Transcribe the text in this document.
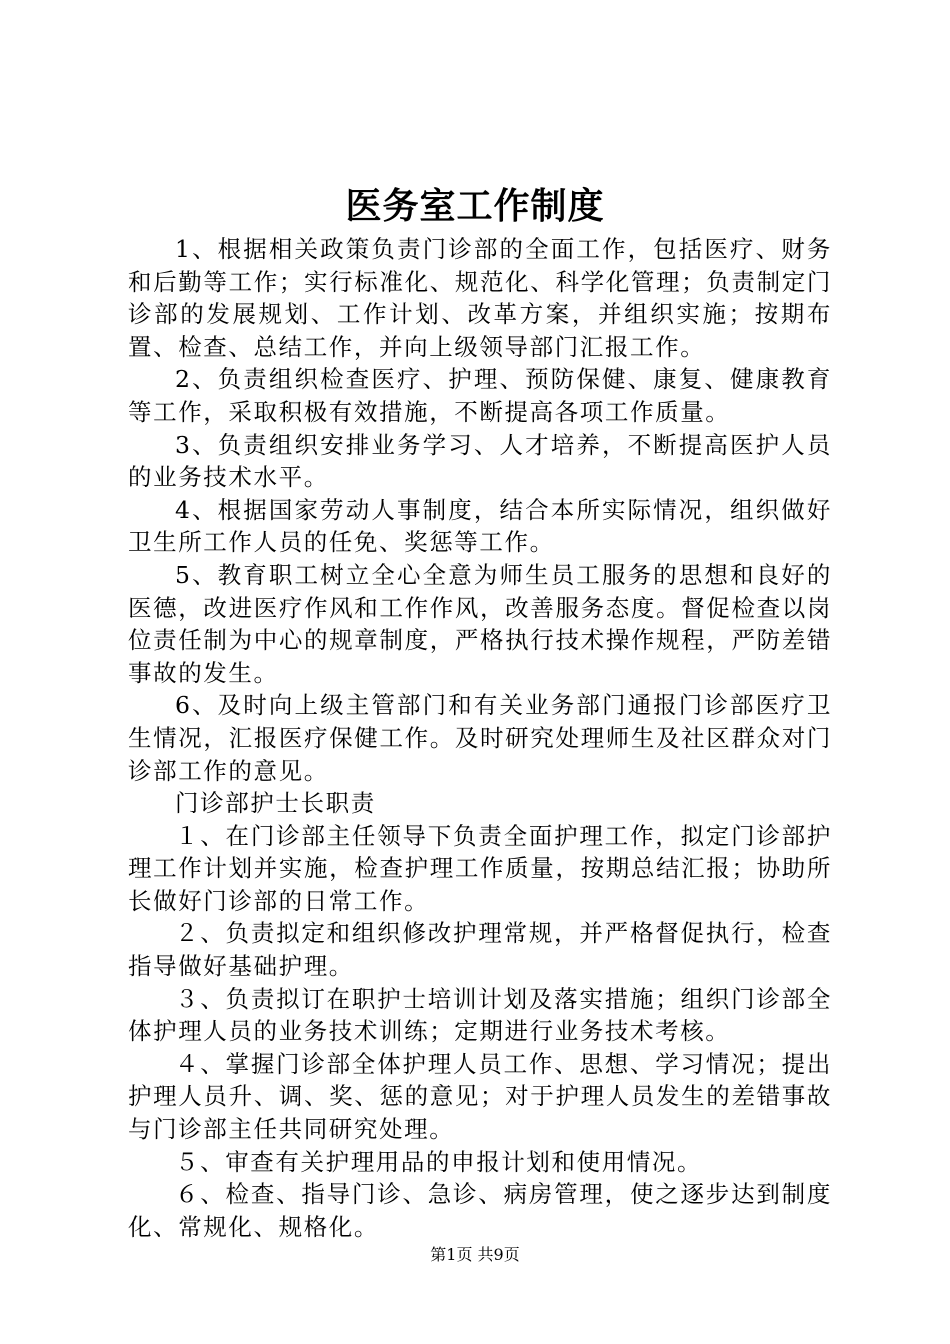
医务室工作制度

1、根据相关政策负责门诊部的全面工作，包括医疗、财务和后勤等工作；实行标准化、规范化、科学化管理；负责制定门诊部的发展规划、工作计划、改革方案，并组织实施；按期布置、检查、总结工作，并向上级领导部门汇报工作。

2、负责组织检查医疗、护理、预防保健、康复、健康教育等工作，采取积极有效措施，不断提高各项工作质量。

3、负责组织安排业务学习、人才培养，不断提高医护人员的业务技术水平。

4、根据国家劳动人事制度，结合本所实际情况，组织做好卫生所工作人员的任免、奖惩等工作。

5、教育职工树立全心全意为师生员工服务的思想和良好的医德，改进医疗作风和工作作风，改善服务态度。督促检查以岗位责任制为中心的规章制度，严格执行技术操作规程，严防差错事故的发生。

6、及时向上级主管部门和有关业务部门通报门诊部医疗卫生情况，汇报医疗保健工作。及时研究处理师生及社区群众对门诊部工作的意见。

门诊部护士长职责

１、在门诊部主任领导下负责全面护理工作，拟定门诊部护理工作计划并实施，检查护理工作质量，按期总结汇报；协助所长做好门诊部的日常工作。

２、负责拟定和组织修改护理常规，并严格督促执行，检查指导做好基础护理。

３、负责拟订在职护士培训计划及落实措施；组织门诊部全体护理人员的业务技术训练；定期进行业务技术考核。

４、掌握门诊部全体护理人员工作、思想、学习情况；提出护理人员升、调、奖、惩的意见；对于护理人员发生的差错事故与门诊部主任共同研究处理。

５、审查有关护理用品的申报计划和使用情况。

６、检查、指导门诊、急诊、病房管理，使之逐步达到制度化、常规化、规格化。

第1页 共9页
